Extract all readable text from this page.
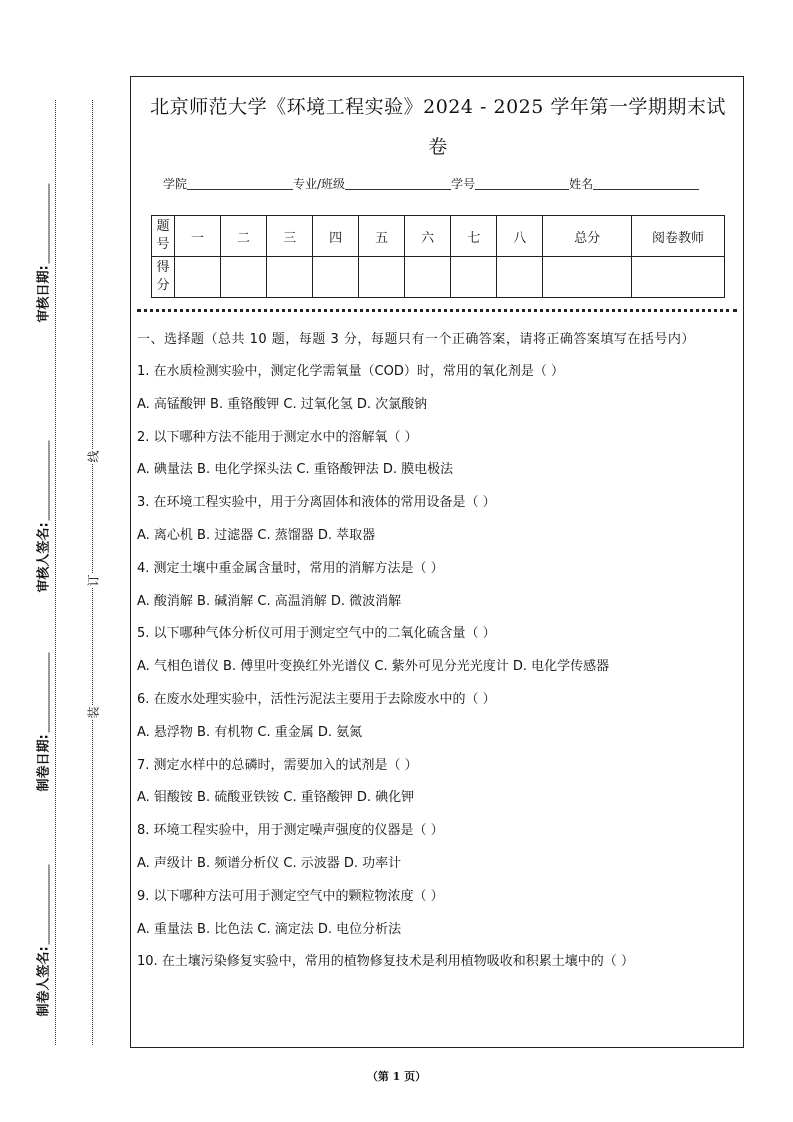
审核日期:
审核人签名:
制卷日期:
制卷人签名:
线
订
装
北京师范大学《环境工程实验》2024 - 2025 学年第一学期期末试
卷
学院	专业/班级	学号	姓名
题号	一	二	三	四	五	六	七	八	总分	阅卷教师
得分										
一、选择题（总共 10 题，每题 3 分，每题只有一个正确答案，请将正确答案填写在括号内）
1. 在水质检测实验中，测定化学需氧量（COD）时，常用的氧化剂是（ ）
A. 高锰酸钾 B. 重铬酸钾 C. 过氧化氢 D. 次氯酸钠
2. 以下哪种方法不能用于测定水中的溶解氧（ ）
A. 碘量法 B. 电化学探头法 C. 重铬酸钾法 D. 膜电极法
3. 在环境工程实验中，用于分离固体和液体的常用设备是（ ）
A. 离心机 B. 过滤器 C. 蒸馏器 D. 萃取器
4. 测定土壤中重金属含量时，常用的消解方法是（ ）
A. 酸消解 B. 碱消解 C. 高温消解 D. 微波消解
5. 以下哪种气体分析仪可用于测定空气中的二氧化硫含量（ ）
A. 气相色谱仪 B. 傅里叶变换红外光谱仪 C. 紫外可见分光光度计 D. 电化学传感器
6. 在废水处理实验中，活性污泥法主要用于去除废水中的（ ）
A. 悬浮物 B. 有机物 C. 重金属 D. 氨氮
7. 测定水样中的总磷时，需要加入的试剂是（ ）
A. 钼酸铵 B. 硫酸亚铁铵 C. 重铬酸钾 D. 碘化钾
8. 环境工程实验中，用于测定噪声强度的仪器是（ ）
A. 声级计 B. 频谱分析仪 C. 示波器 D. 功率计
9. 以下哪种方法可用于测定空气中的颗粒物浓度（ ）
A. 重量法 B. 比色法 C. 滴定法 D. 电位分析法
10. 在土壤污染修复实验中，常用的植物修复技术是利用植物吸收和积累土壤中的（ ）
（第 1 页）
